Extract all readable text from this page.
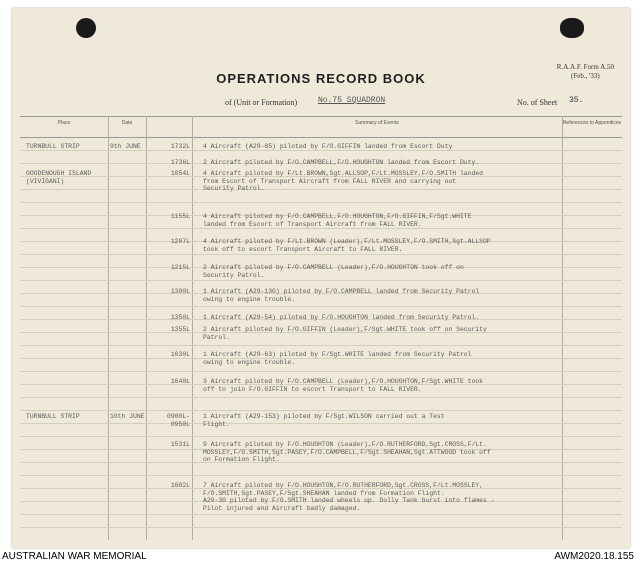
OPERATIONS RECORD BOOK
R.A.A.F. Form A.50
(Feb., '33)
of (Unit or Formation)	No.75 SQUADRON	No. of Sheet 35.
Place	Date	Summary of Events	References to Appendices
TURNBULL STRIP	9th JUNE	1732L 4 Aircraft (A29-85) piloted by F/O.GIFFIN landed from Escort Duty
1736L 2 Aircraft piloted by F/O.CAMPBELL,F/O.HOUGHTON landed from Escort Duty.
GOODENOUGH ISLAND (VIVIGANI)
1054L 4 Aircraft piloted by F/Lt.BROWN,Sgt.ALLSOP,F/Lt.MOSSLEY,F/O.SMITH landed
from Escort of Transport Aircraft from FALL RIVER and carrying out
Security Patrol.
1155L 4 Aircraft piloted by F/O.CAMPBELL,F/O.HOUGHTON,F/O.GIFFIN,F/Sgt.WHITE
landed from Escort of Transport Aircraft from FALL RIVER.
1207L 4 Aircraft piloted by F/Lt.BROWN (Leader),F/Lt.MOSSLEY,F/O.SMITH,Sgt.ALLSOP
took off to escort Transport Aircraft to FALL RIVER.
1215L 2 Aircraft piloted by F/O.CAMPBELL (Leader),F/O.HOUGHTON took off on
Security Patrol.
1300L 1 Aircraft (A29-130) piloted by F/O.CAMPBELL landed from Security Patrol
owing to engine trouble.
1350L 1 Aircraft (A29-54) piloted by F/O.HOUGHTON landed from Security Patrol.
1355L 2 Aircraft piloted by F/O.GIFFIN (Leader),F/Sgt.WHITE took off on Security
Patrol.
1630L 1 Aircraft (A29-63) piloted by F/Sgt.WHITE landed from Security Patrol
owing to engine trouble.
1640L 3 Aircraft piloted by F/O.CAMPBELL (Leader),F/O.HOUGHTON,F/Sgt.WHITE took
off to join F/O.GIFFIN to escort Transport to FALL RIVER.
TURNBULL STRIP	10th JUNE	0900L-0950L
1 Aircraft (A29-153) piloted by F/Sgt.WILSON carried out a Test
Flight.
1531L 9 Aircraft piloted by F/O.HOUGHTON (Leader),F/O.RUTHERFORD,Sgt.CROSS,F/Lt.
MOSSLEY,F/O.SMITH,Sgt.PASEY,F/O.CAMPBELL,F/Sgt.SHEAHAN,Sgt.ATTWOOD took off
on Formation Flight.
1602L 7 Aircraft piloted by F/O.HOUGHTON,F/O.RUTHERFORD,Sgt.CROSS,F/Lt.MOSSLEY,
F/O.SMITH,Sgt.PASEY,F/Sgt.SHEAHAN landed from Formation Flight.
A29-30 piloted by F/O.SMITH landed wheels up. Dolly Tank burst into flames -
Pilot injured and Aircraft badly damaged.
AUSTRALIAN WAR MEMORIAL	AWM2020.18.155
